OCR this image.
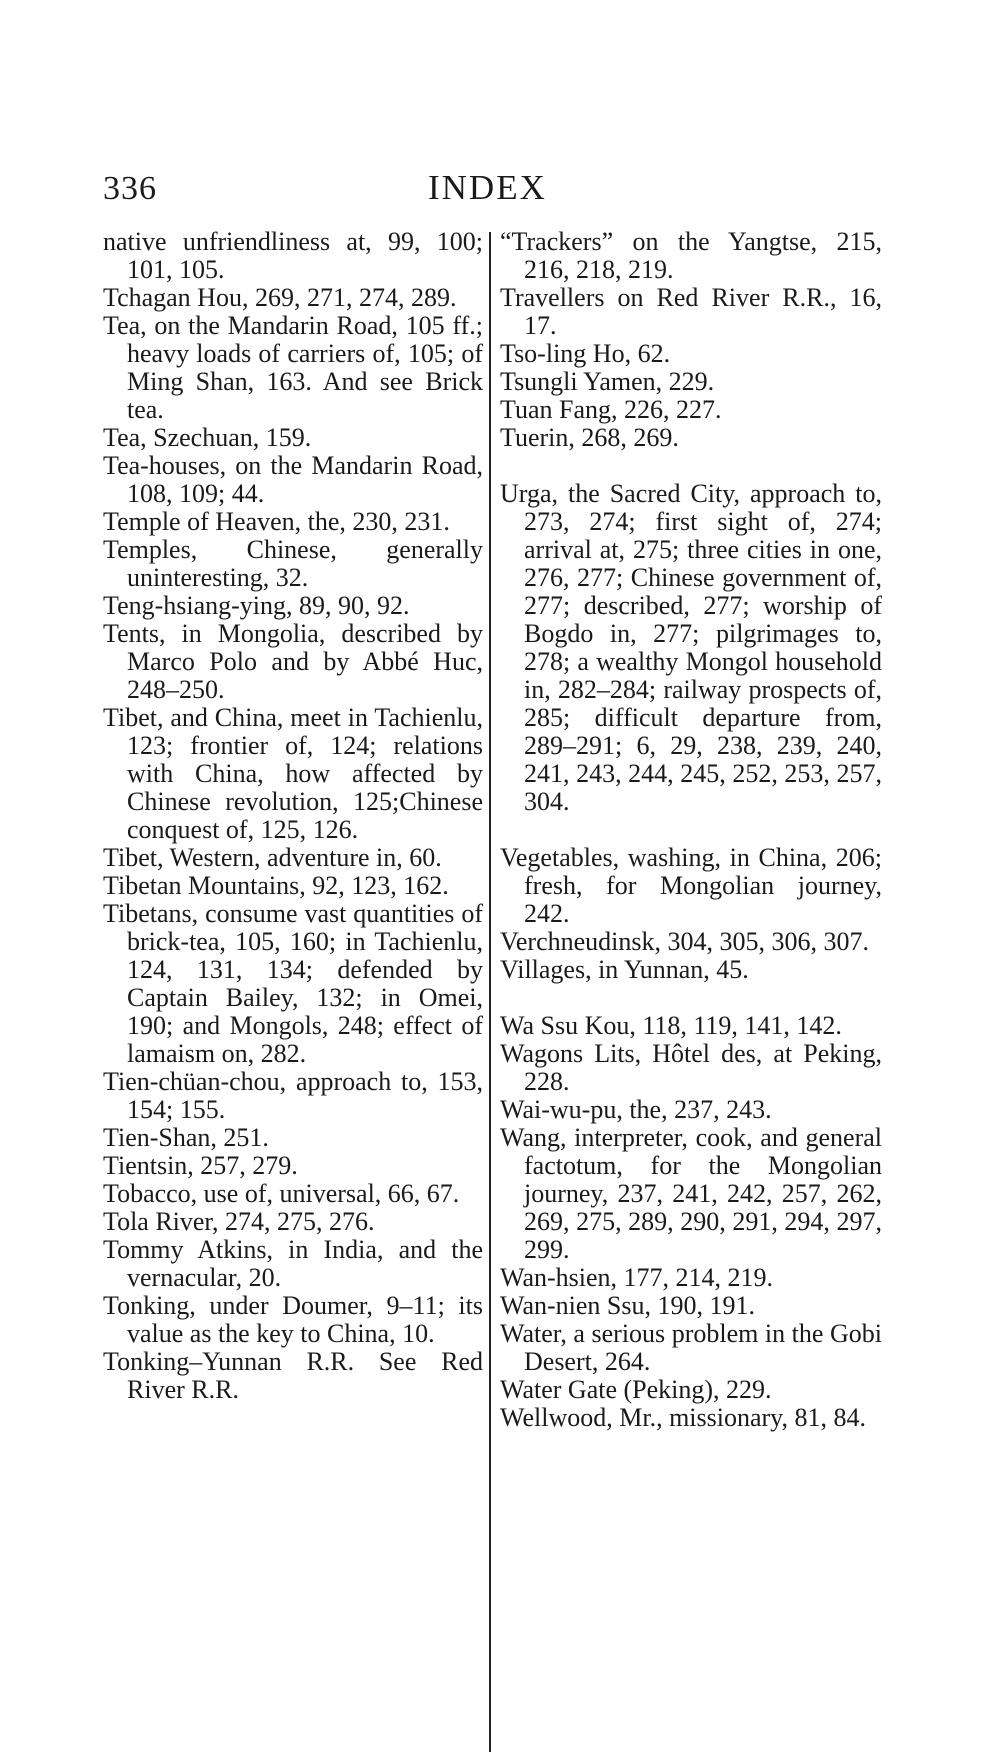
336	INDEX

native unfriendliness at, 99, 100; 101, 105.

Tchagan Hou, 269, 271, 274, 289.

Tea, on the Mandarin Road, 105 ff.; heavy loads of carriers of, 105; of Ming Shan, 163. And see Brick tea.

Tea, Szechuan, 159.

Tea-houses, on the Mandarin Road, 108, 109; 44.

Temple of Heaven, the, 230, 231.

Temples, Chinese, generally uninteresting, 32.

Teng-hsiang-ying, 89, 90, 92.

Tents, in Mongolia, described by Marco Polo and by Abbé Huc, 248–250.

Tibet, and China, meet in Tachienlu, 123; frontier of, 124; relations with China, how affected by Chinese revolution, 125;Chinese conquest of, 125, 126.

Tibet, Western, adventure in, 60.

Tibetan Mountains, 92, 123, 162.

Tibetans, consume vast quantities of brick-tea, 105, 160; in Tachienlu, 124, 131, 134; defended by Captain Bailey, 132; in Omei, 190; and Mongols, 248; effect of lamaism on, 282.

Tien-chüan-chou, approach to, 153, 154; 155.

Tien-Shan, 251.

Tientsin, 257, 279.

Tobacco, use of, universal, 66, 67.

Tola River, 274, 275, 276.

Tommy Atkins, in India, and the vernacular, 20.

Tonking, under Doumer, 9–11; its value as the key to China, 10.

Tonking–Yunnan R.R. See Red River R.R.

“Trackers” on the Yangtse, 215, 216, 218, 219.

Travellers on Red River R.R., 16, 17.

Tso-ling Ho, 62.

Tsungli Yamen, 229.

Tuan Fang, 226, 227.

Tuerin, 268, 269.

Urga, the Sacred City, approach to, 273, 274; first sight of, 274; arrival at, 275; three cities in one, 276, 277; Chinese government of, 277; described, 277; worship of Bogdo in, 277; pilgrimages to, 278; a wealthy Mongol household in, 282–284; railway prospects of, 285; difficult departure from, 289–291; 6, 29, 238, 239, 240, 241, 243, 244, 245, 252, 253, 257, 304.

Vegetables, washing, in China, 206; fresh, for Mongolian journey, 242.

Verchneudinsk, 304, 305, 306, 307.

Villages, in Yunnan, 45.

Wa Ssu Kou, 118, 119, 141, 142.

Wagons Lits, Hôtel des, at Peking, 228.

Wai-wu-pu, the, 237, 243.

Wang, interpreter, cook, and general factotum, for the Mongolian journey, 237, 241, 242, 257, 262, 269, 275, 289, 290, 291, 294, 297, 299.

Wan-hsien, 177, 214, 219.

Wan-nien Ssu, 190, 191.

Water, a serious problem in the Gobi Desert, 264.

Water Gate (Peking), 229.

Wellwood, Mr., missionary, 81, 84.
